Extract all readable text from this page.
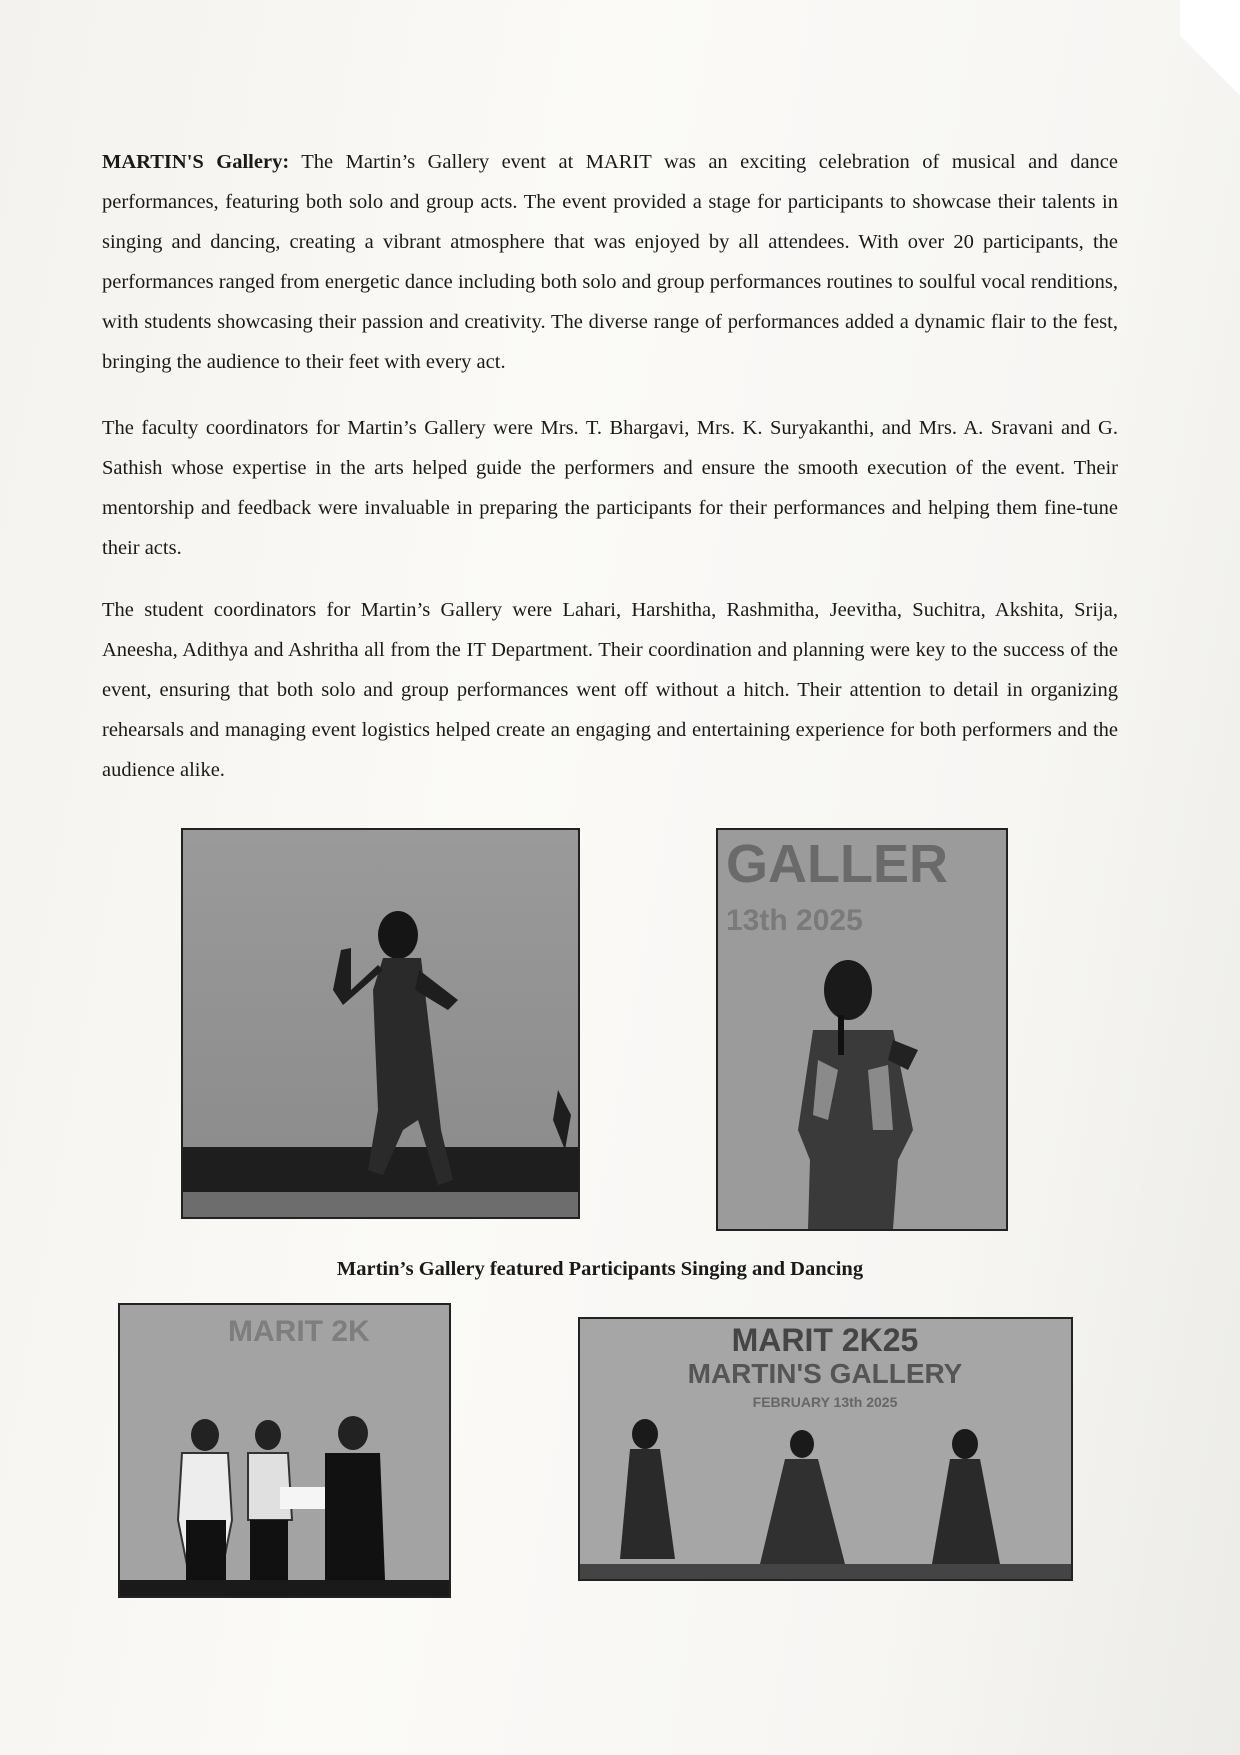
MARTIN'S Gallery: The Martin’s Gallery event at MARIT was an exciting celebration of musical and dance performances, featuring both solo and group acts. The event provided a stage for participants to showcase their talents in singing and dancing, creating a vibrant atmosphere that was enjoyed by all attendees. With over 20 participants, the performances ranged from energetic dance including both solo and group performances routines to soulful vocal renditions, with students showcasing their passion and creativity. The diverse range of performances added a dynamic flair to the fest, bringing the audience to their feet with every act.

The faculty coordinators for Martin’s Gallery were Mrs. T. Bhargavi, Mrs. K. Suryakanthi, and Mrs. A. Sravani and G. Sathish whose expertise in the arts helped guide the performers and ensure the smooth execution of the event. Their mentorship and feedback were invaluable in preparing the participants for their performances and helping them fine-tune their acts.

The student coordinators for Martin’s Gallery were Lahari, Harshitha, Rashmitha, Jeevitha, Suchitra, Akshita, Srija, Aneesha, Adithya and Ashritha all from the IT Department. Their coordination and planning were key to the success of the event, ensuring that both solo and group performances went off without a hitch. Their attention to detail in organizing rehearsals and managing event logistics helped create an engaging and entertaining experience for both performers and the audience alike.

GALLER
13th 2025
MARIT 2K	MARIT 2K25
MARTIN'S GALLERY
FEBRUARY 13th 2025
Martin’s Gallery featured Participants Singing and Dancing
